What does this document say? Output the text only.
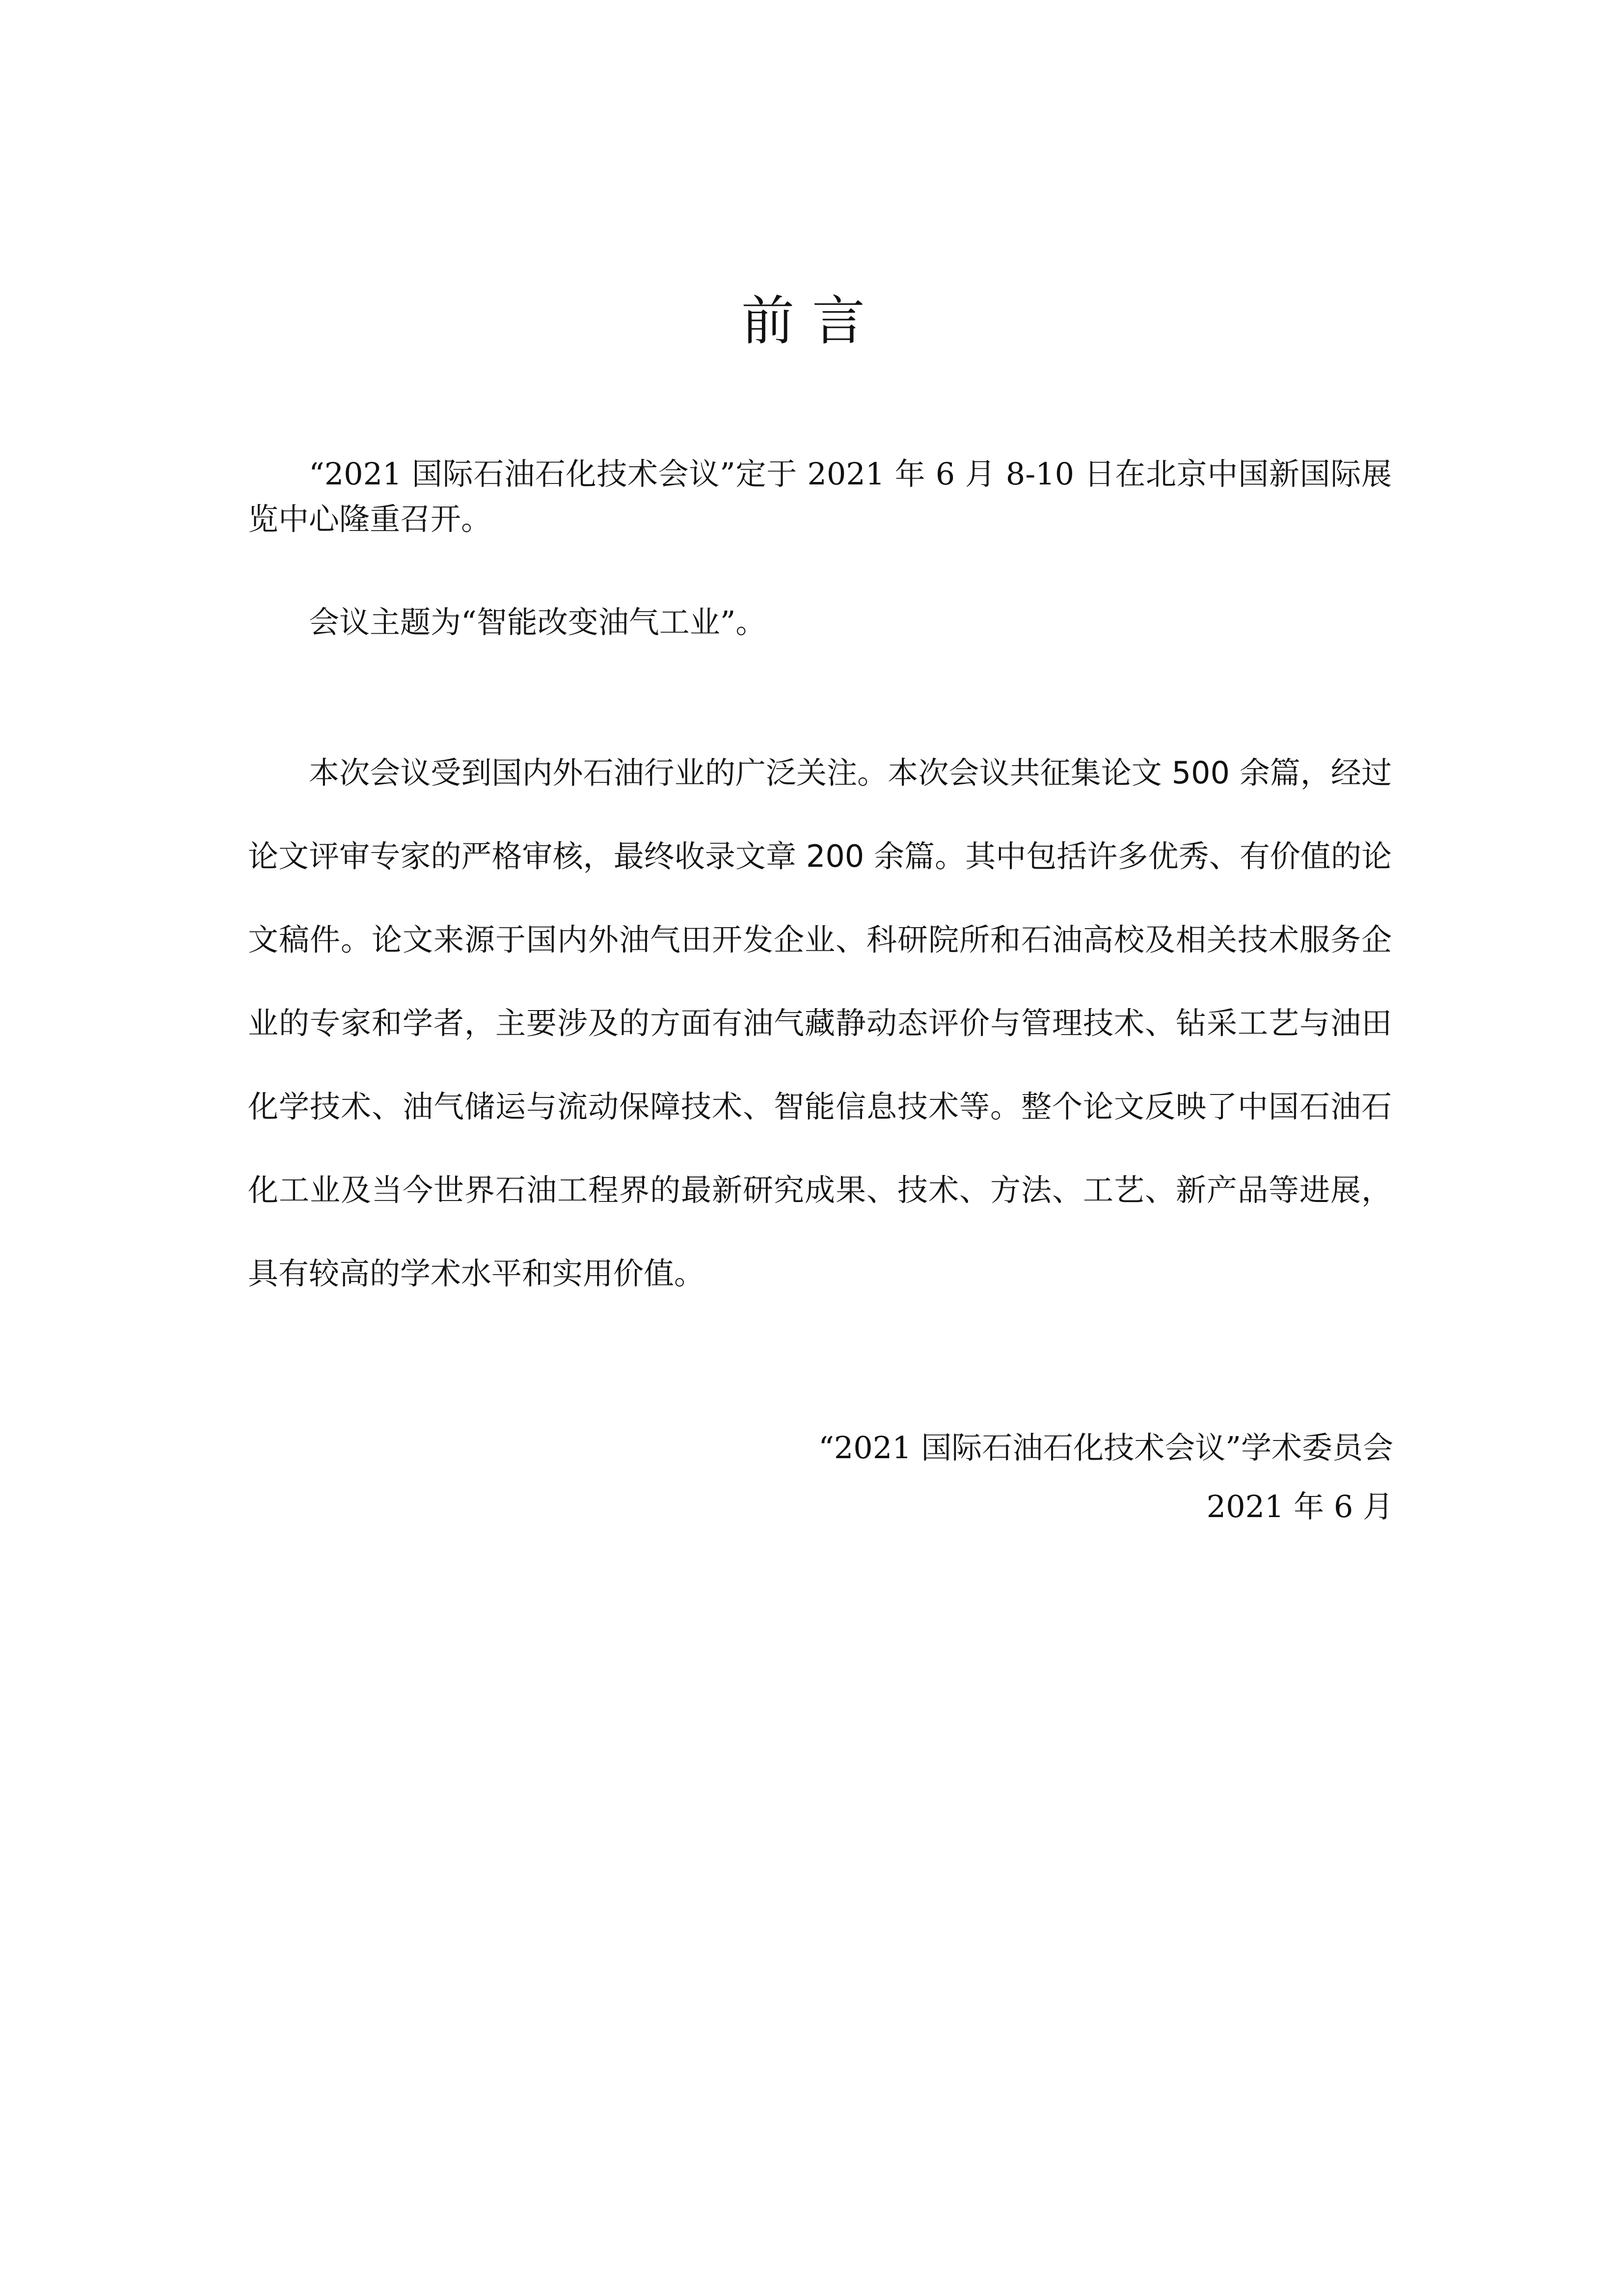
前言

“2021 国际石油石化技术会议”定于 2021 年 6 月 8-10 日在北京中国新国际展览中心隆重召开。

会议主题为“智能改变油气工业”。

本次会议受到国内外石油行业的广泛关注。本次会议共征集论文 500 余篇，经过论文评审专家的严格审核，最终收录文章 200 余篇。其中包括许多优秀、有价值的论文稿件。论文来源于国内外油气田开发企业、科研院所和石油高校及相关技术服务企业的专家和学者，主要涉及的方面有油气藏静动态评价与管理技术、钻采工艺与油田化学技术、油气储运与流动保障技术、智能信息技术等。整个论文反映了中国石油石化工业及当今世界石油工程界的最新研究成果、技术、方法、工艺、新产品等进展，具有较高的学术水平和实用价值。

“2021 国际石油石化技术会议”学术委员会
2021 年 6 月
